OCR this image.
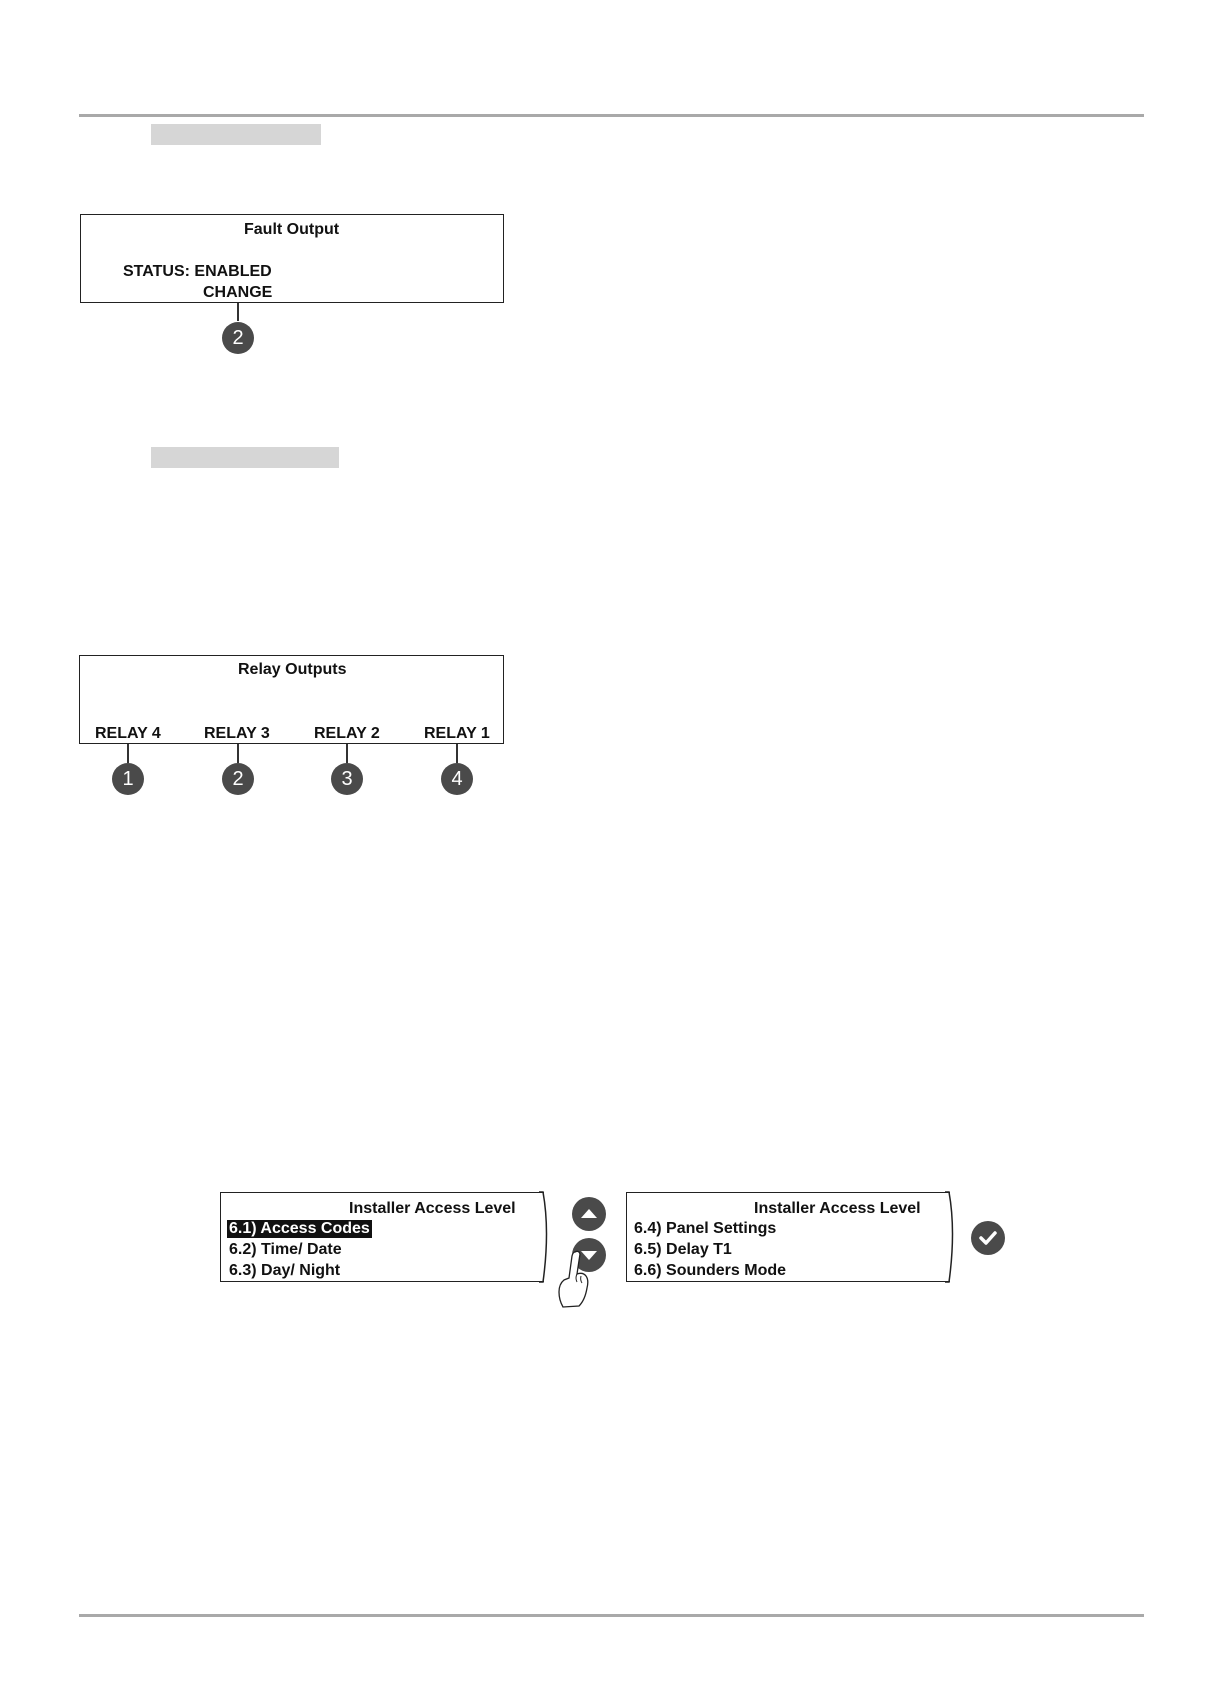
Fault Output
STATUS: ENABLED
CHANGE
2
Relay Outputs
RELAY 4	RELAY 3	RELAY 2	RELAY 1
1	2	3	4
Installer Access Level
6.1) Access Codes
6.2) Time/ Date
6.3) Day/ Night
Installer Access Level
6.4) Panel Settings
6.5) Delay T1
6.6) Sounders Mode
